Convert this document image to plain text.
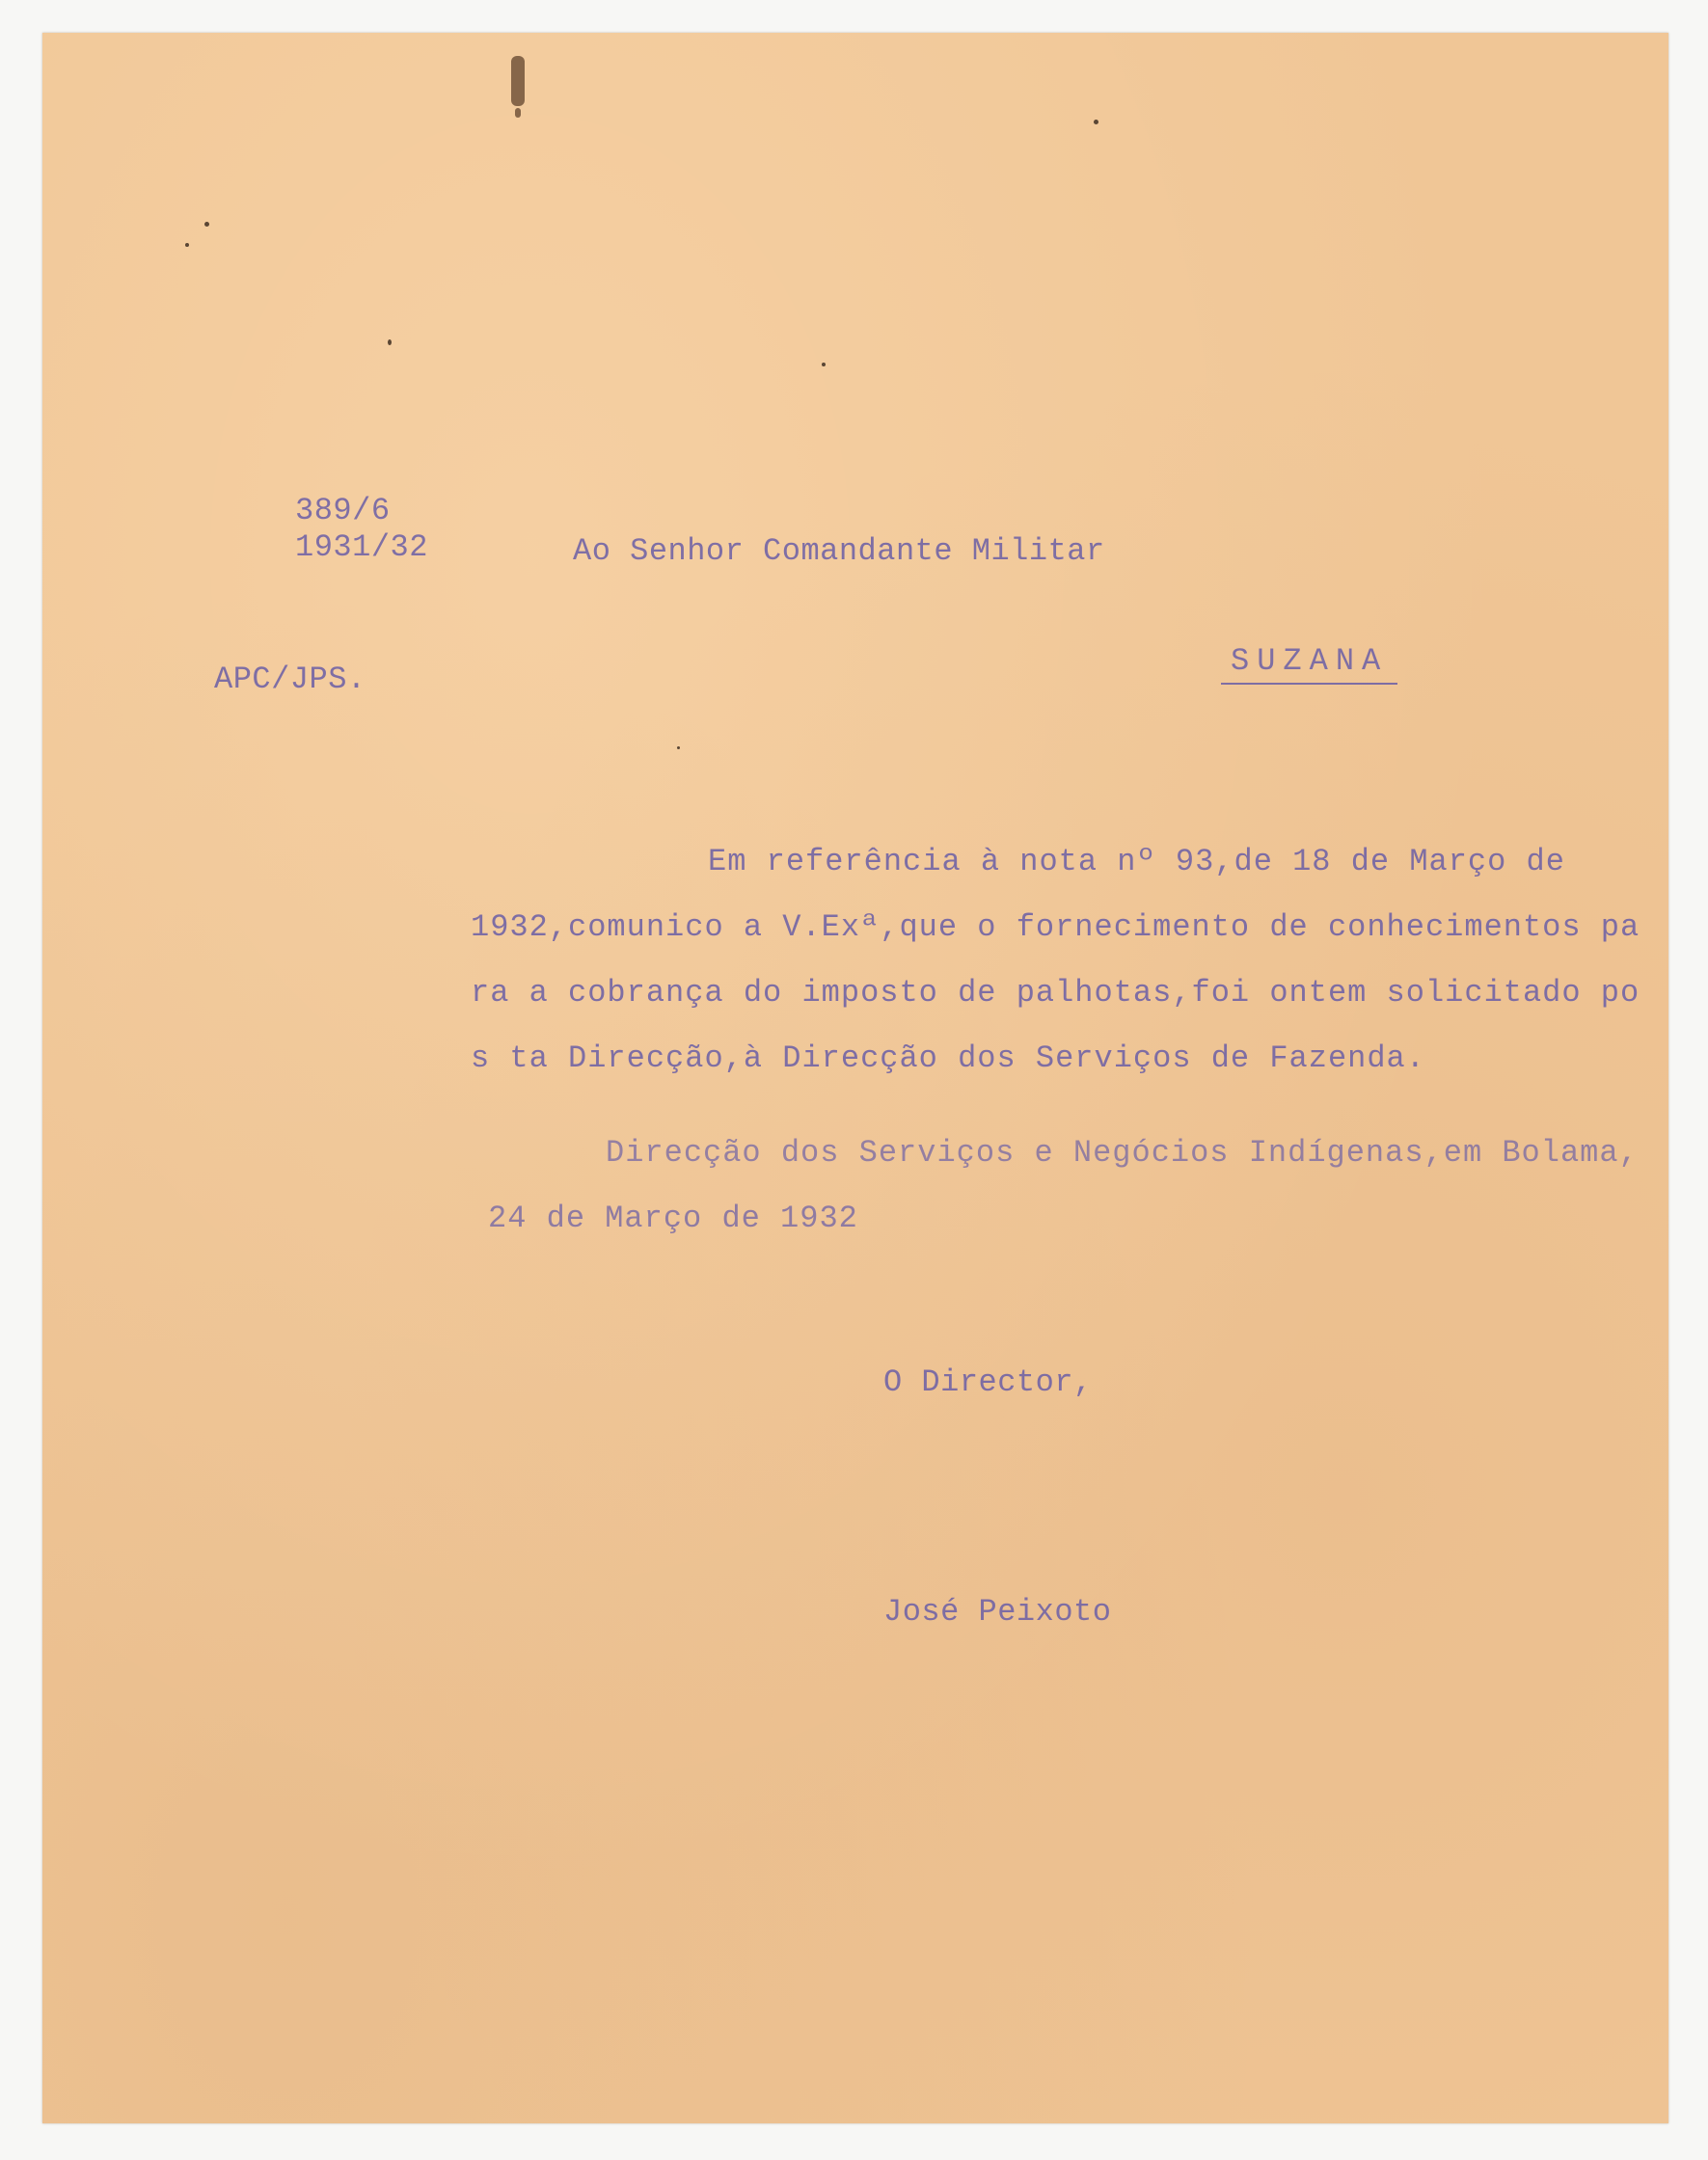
389/6
1931/32
APC/JPS.
Ao Senhor Comandante Militar
SUZANA
Em referência à nota nº 93,de 18 de Março de
1932,comunico a V.Exª,que o fornecimento de conhecimentos pa
ra a cobrança do imposto de palhotas,foi ontem solicitado po
s ta Direcção,à Direcção dos Serviços de Fazenda.
Direcção dos Serviços e Negócios Indígenas,em Bolama,
24 de Março de 1932
O Director,
José Peixoto
